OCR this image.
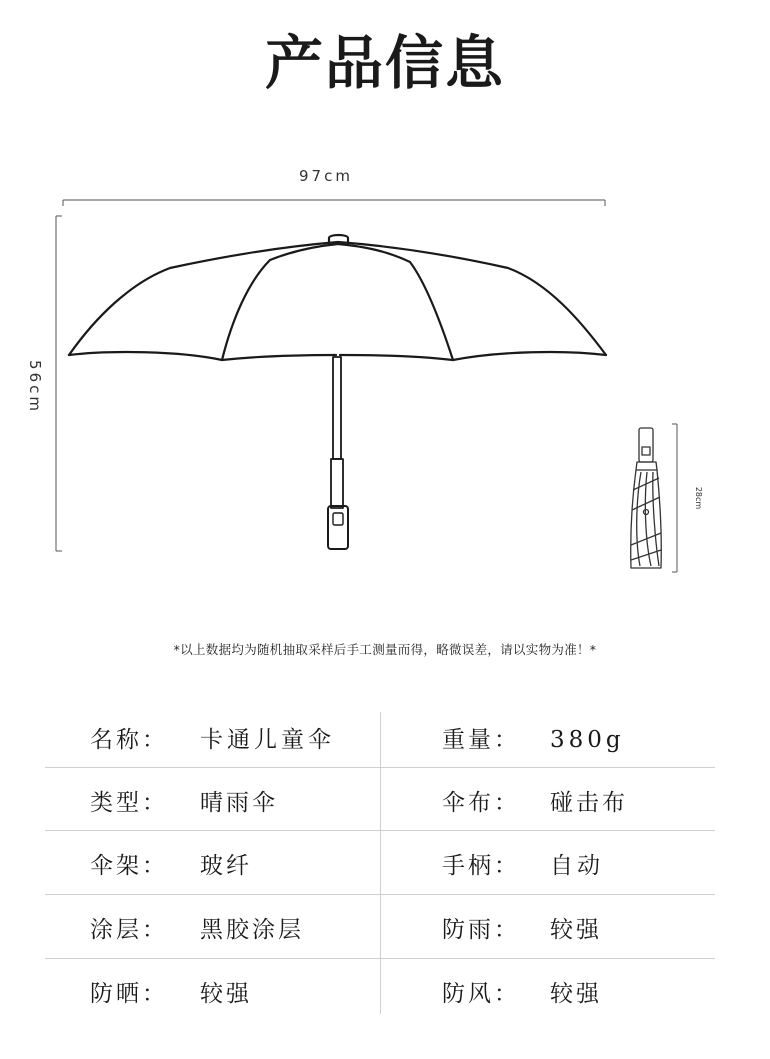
产品信息
97cm
56cm
28cm
*以上数据均为随机抽取采样后手工测量而得，略微误差，请以实物为准！*
名称： 卡通儿童伞	重量： 380g
类型： 晴雨伞	伞布： 碰击布
伞架： 玻纤	手柄： 自动
涂层： 黑胶涂层	防雨： 较强
防晒： 较强	防风： 较强
